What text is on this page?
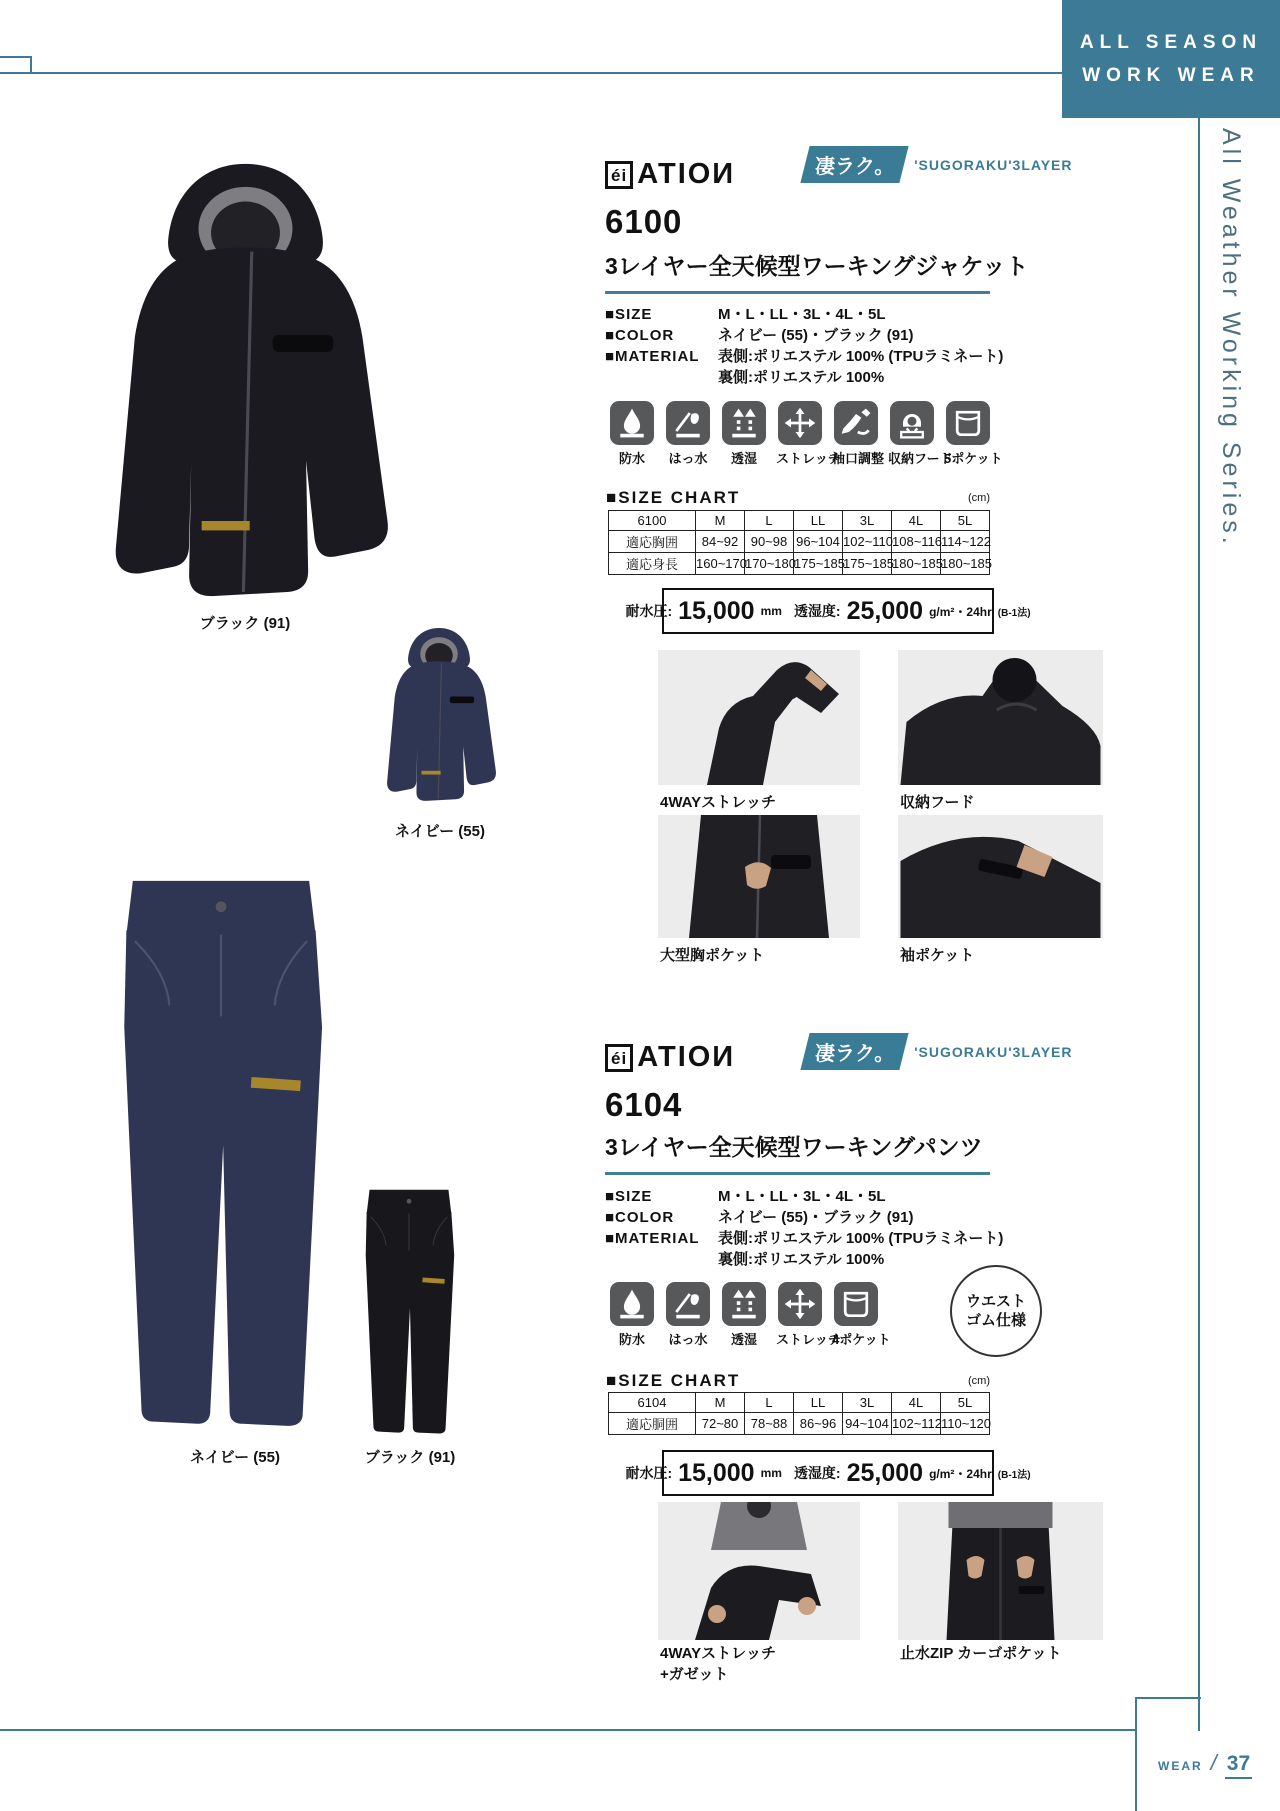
ALL SEASON
WORK WEAR
All Weather Working Series.
WEAR / 37
ブラック (91)
ネイビー (55)
éi ATIOИ	凄ラク。	'SUGORAKU'3LAYER
6100
3レイヤー全天候型ワーキングジャケット
■SIZE	M・L・LL・3L・4L・5L
■COLOR	ネイビー (55)・ブラック (91)
■MATERIAL	表側:ポリエステル 100% (TPUラミネート)
裏側:ポリエステル 100%
防水	はっ水	透湿	ストレッチ
袖口調整 収納フード
5ポケット
■SIZE CHART	(cm)
6100	M	L	LL	3L	4L	5L
適応胸囲	84~92	90~98	96~104	102~110	108~116	114~122
適応身長	160~170	170~180	175~185	175~185	180~185	180~185
耐水圧: 15,000 mm 透湿度: 25,000 g/m²・24hr (B-1法)
4WAYストレッチ	収納フード
大型胸ポケット	袖ポケット
ネイビー (55)	ブラック (91)
éi ATIOИ	凄ラク。	'SUGORAKU'3LAYER
6104
3レイヤー全天候型ワーキングパンツ
■SIZE	M・L・LL・3L・4L・5L
■COLOR	ネイビー (55)・ブラック (91)
■MATERIAL	表側:ポリエステル 100% (TPUラミネート)
裏側:ポリエステル 100%
防水	はっ水	透湿	ストレッチ
4ポケット
ウエスト
ゴム仕様
■SIZE CHART	(cm)
6104	M	L	LL	3L	4L	5L
適応胴囲	72~80	78~88	86~96	94~104	102~112	110~120
耐水圧: 15,000 mm 透湿度: 25,000 g/m²・24hr (B-1法)
4WAYストレッチ
+ガゼット
止水ZIP カーゴポケット
